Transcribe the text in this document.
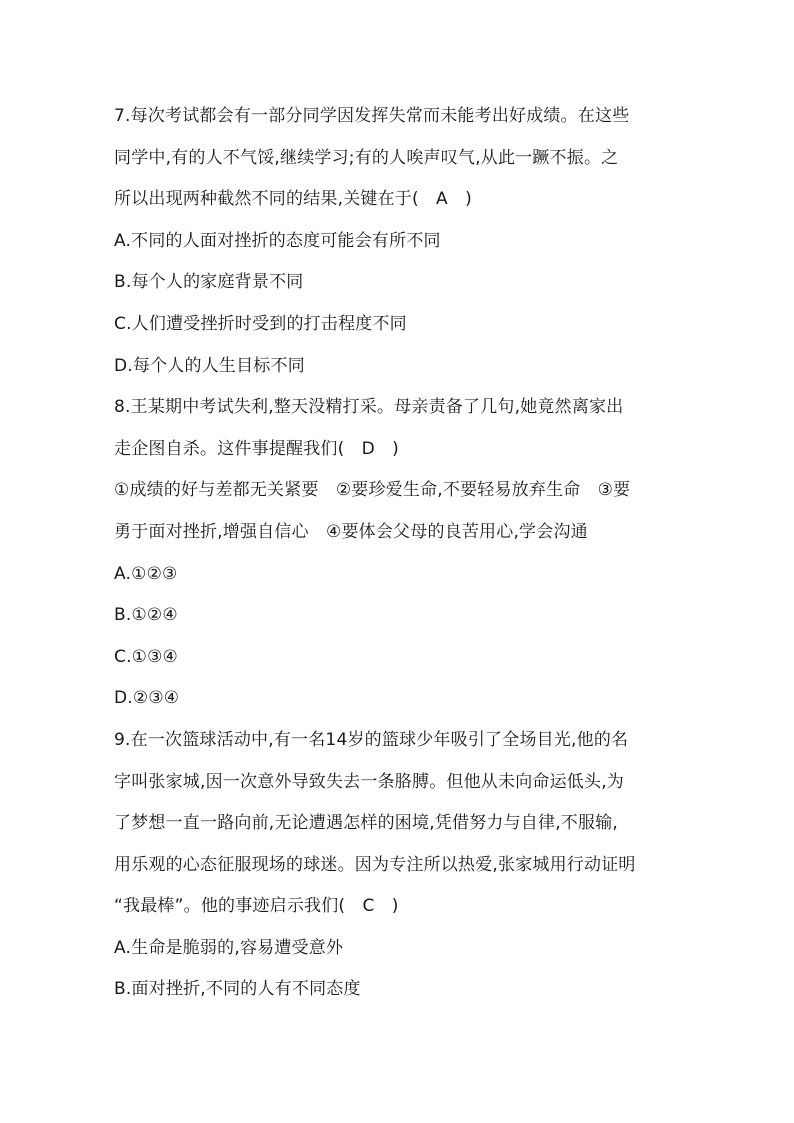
7.每次考试都会有一部分同学因发挥失常而未能考出好成绩。在这些
同学中,有的人不气馁,继续学习;有的人唉声叹气,从此一蹶不振。之
所以出现两种截然不同的结果,关键在于(　A　)
A.不同的人面对挫折的态度可能会有所不同
B.每个人的家庭背景不同
C.人们遭受挫折时受到的打击程度不同
D.每个人的人生目标不同
8.王某期中考试失利,整天没精打采。母亲责备了几句,她竟然离家出
走企图自杀。这件事提醒我们(　D　)
①成绩的好与差都无关紧要　②要珍爱生命,不要轻易放弃生命　③要
勇于面对挫折,增强自信心　④要体会父母的良苦用心,学会沟通
A.①②③
B.①②④
C.①③④
D.②③④
9.在一次篮球活动中,有一名14岁的篮球少年吸引了全场目光,他的名
字叫张家城,因一次意外导致失去一条胳膊。但他从未向命运低头,为
了梦想一直一路向前,无论遭遇怎样的困境,凭借努力与自律,不服输,
用乐观的心态征服现场的球迷。因为专注所以热爱,张家城用行动证明
“我最棒”。他的事迹启示我们(　C　)
A.生命是脆弱的,容易遭受意外
B.面对挫折,不同的人有不同态度
